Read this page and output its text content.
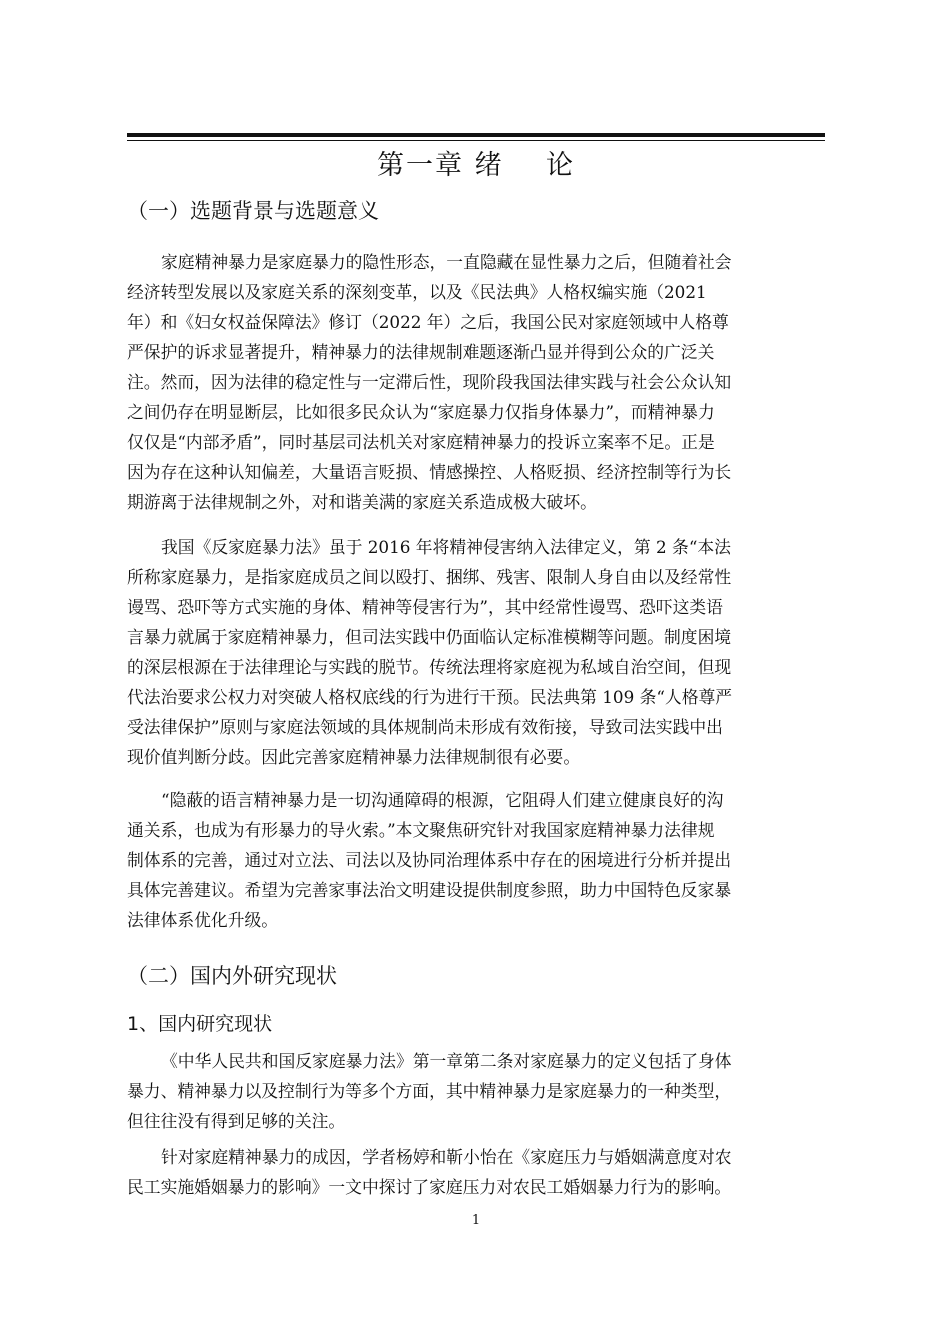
第一章 绪    论
（一）选题背景与选题意义
家庭精神暴力是家庭暴力的隐性形态，一直隐藏在显性暴力之后，但随着社会
经济转型发展以及家庭关系的深刻变革，以及《民法典》人格权编实施（2021
年）和《妇女权益保障法》修订（2022 年）之后，我国公民对家庭领域中人格尊
严保护的诉求显著提升，精神暴力的法律规制难题逐渐凸显并得到公众的广泛关
注。然而，因为法律的稳定性与一定滞后性，现阶段我国法律实践与社会公众认知
之间仍存在明显断层，比如很多民众认为“家庭暴力仅指身体暴力”，而精神暴力
仅仅是“内部矛盾”，同时基层司法机关对家庭精神暴力的投诉立案率不足。正是
因为存在这种认知偏差，大量语言贬损、情感操控、人格贬损、经济控制等行为长
期游离于法律规制之外，对和谐美满的家庭关系造成极大破坏。
我国《反家庭暴力法》虽于 2016 年将精神侵害纳入法律定义，第 2 条“本法
所称家庭暴力，是指家庭成员之间以殴打、捆绑、残害、限制人身自由以及经常性
谩骂、恐吓等方式实施的身体、精神等侵害行为”，其中经常性谩骂、恐吓这类语
言暴力就属于家庭精神暴力，但司法实践中仍面临认定标准模糊等问题。制度困境
的深层根源在于法律理论与实践的脱节。传统法理将家庭视为私域自治空间，但现
代法治要求公权力对突破人格权底线的行为进行干预。民法典第 109 条“人格尊严
受法律保护”原则与家庭法领域的具体规制尚未形成有效衔接，导致司法实践中出
现价值判断分歧。因此完善家庭精神暴力法律规制很有必要。
“隐蔽的语言精神暴力是一切沟通障碍的根源，它阻碍人们建立健康良好的沟
通关系，也成为有形暴力的导火索。”本文聚焦研究针对我国家庭精神暴力法律规
制体系的完善，通过对立法、司法以及协同治理体系中存在的困境进行分析并提出
具体完善建议。希望为完善家事法治文明建设提供制度参照，助力中国特色反家暴
法律体系优化升级。
（二）国内外研究现状
1、国内研究现状
《中华人民共和国反家庭暴力法》第一章第二条对家庭暴力的定义包括了身体
暴力、精神暴力以及控制行为等多个方面，其中精神暴力是家庭暴力的一种类型，
但往往没有得到足够的关注。
针对家庭精神暴力的成因，学者杨婷和靳小怡在《家庭压力与婚姻满意度对农
民工实施婚姻暴力的影响》一文中探讨了家庭压力对农民工婚姻暴力行为的影响。
1
